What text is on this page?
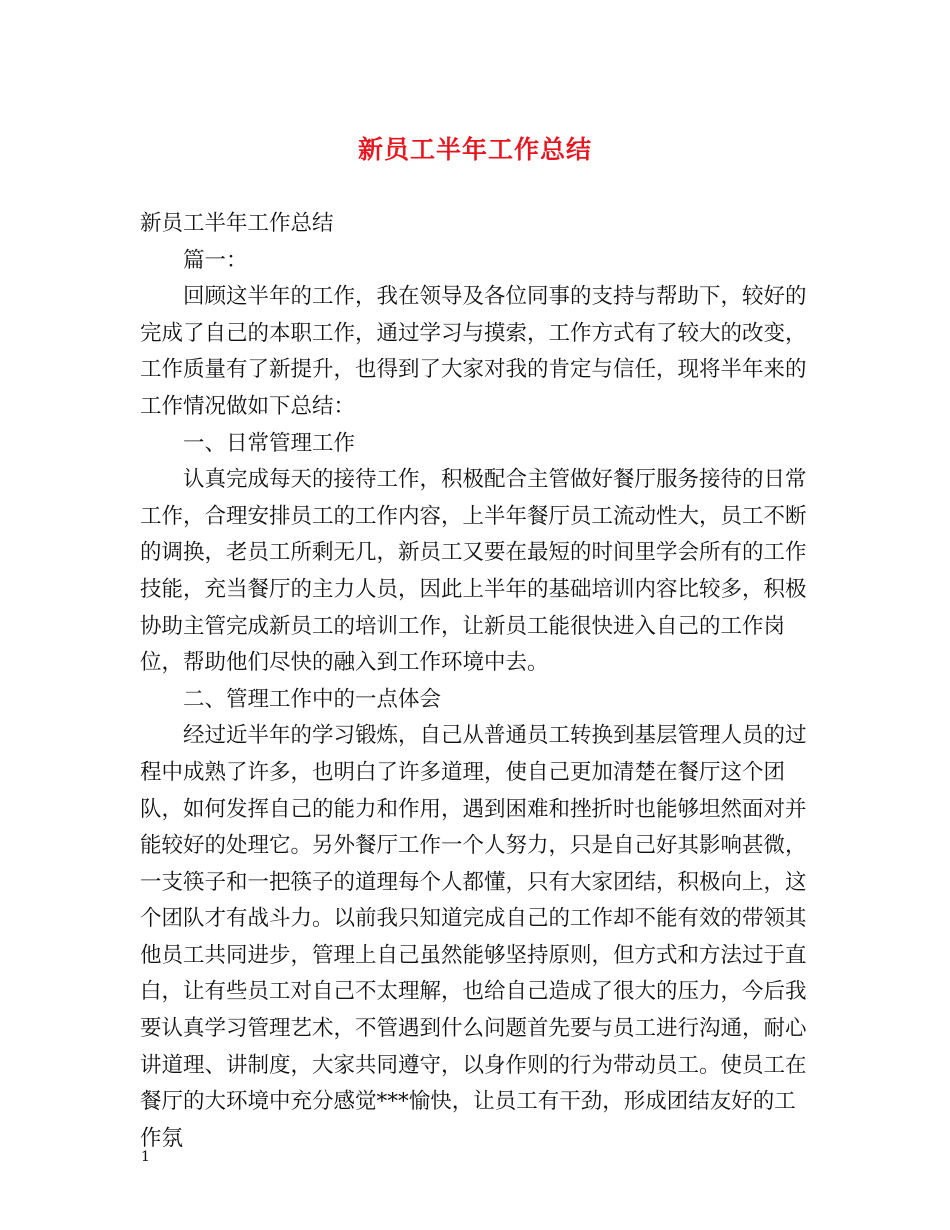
新员工半年工作总结

新员工半年工作总结

篇一：

回顾这半年的工作，我在领导及各位同事的支持与帮助下，较好的完成了自己的本职工作，通过学习与摸索，工作方式有了较大的改变，工作质量有了新提升，也得到了大家对我的肯定与信任，现将半年来的工作情况做如下总结：

一、日常管理工作

认真完成每天的接待工作，积极配合主管做好餐厅服务接待的日常工作，合理安排员工的工作内容，上半年餐厅员工流动性大，员工不断的调换，老员工所剩无几，新员工又要在最短的时间里学会所有的工作技能，充当餐厅的主力人员，因此上半年的基础培训内容比较多，积极协助主管完成新员工的培训工作，让新员工能很快进入自己的工作岗位，帮助他们尽快的融入到工作环境中去。

二、管理工作中的一点体会

经过近半年的学习锻炼，自己从普通员工转换到基层管理人员的过程中成熟了许多，也明白了许多道理，使自己更加清楚在餐厅这个团队，如何发挥自己的能力和作用，遇到困难和挫折时也能够坦然面对并能较好的处理它。另外餐厅工作一个人努力，只是自己好其影响甚微，一支筷子和一把筷子的道理每个人都懂，只有大家团结，积极向上，这个团队才有战斗力。以前我只知道完成自己的工作却不能有效的带领其他员工共同进步，管理上自己虽然能够坚持原则，但方式和方法过于直白，让有些员工对自己不太理解，也给自己造成了很大的压力，今后我要认真学习管理艺术，不管遇到什么问题首先要与员工进行沟通，耐心讲道理、讲制度，大家共同遵守，以身作则的行为带动员工。使员工在餐厅的大环境中充分感觉***愉快，让员工有干劲，形成团结友好的工作氛

1
